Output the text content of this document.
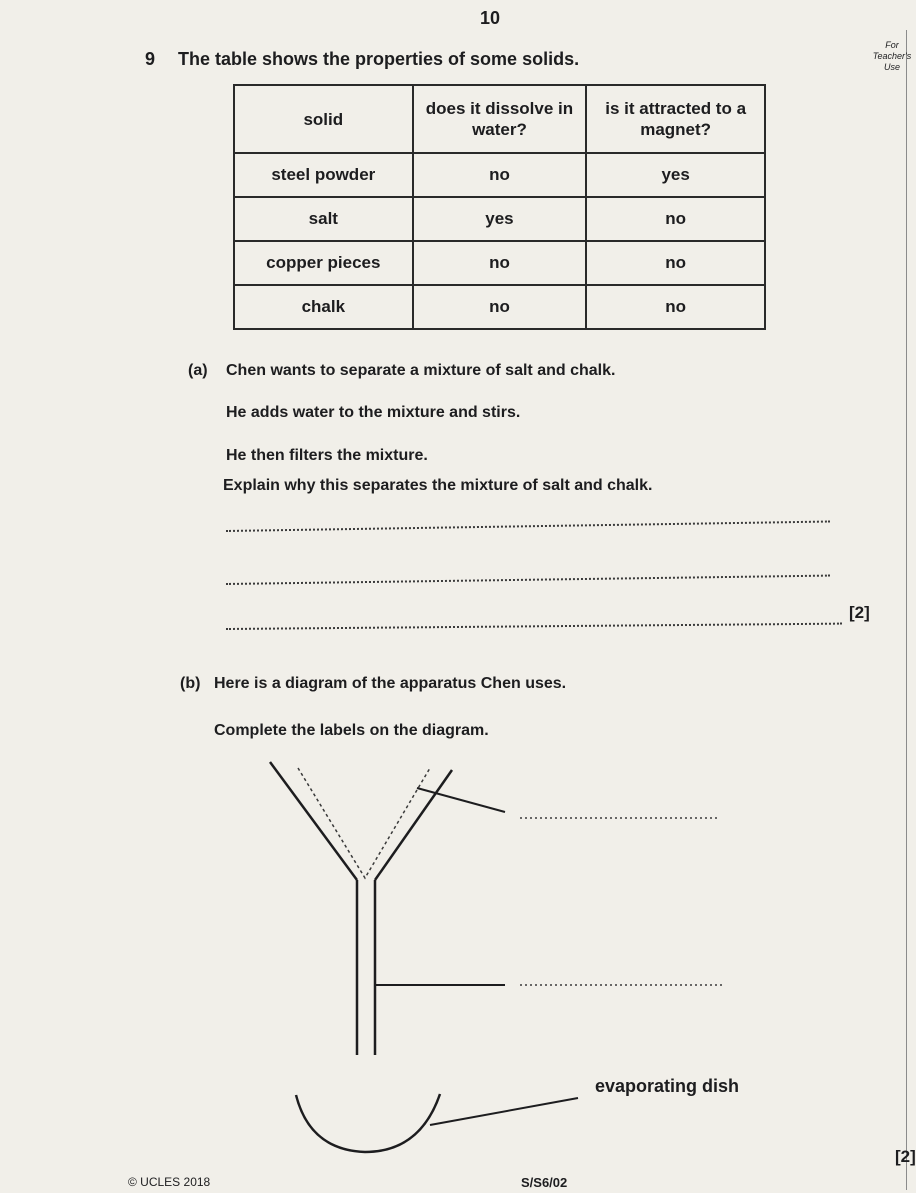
10
For
Teacher's
Use
9 The table shows the properties of some solids.
solid	does it dissolve in water?	is it attracted to a magnet?
steel powder	no	yes
salt	yes	no
copper pieces	no	no
chalk	no	no
(a) Chen wants to separate a mixture of salt and chalk.
He adds water to the mixture and stirs.
He then filters the mixture.
Explain why this separates the mixture of salt and chalk.
[2]
(b) Here is a diagram of the apparatus Chen uses.
Complete the labels on the diagram.
evaporating dish
[2]
© UCLES 2018	S/S6/02
